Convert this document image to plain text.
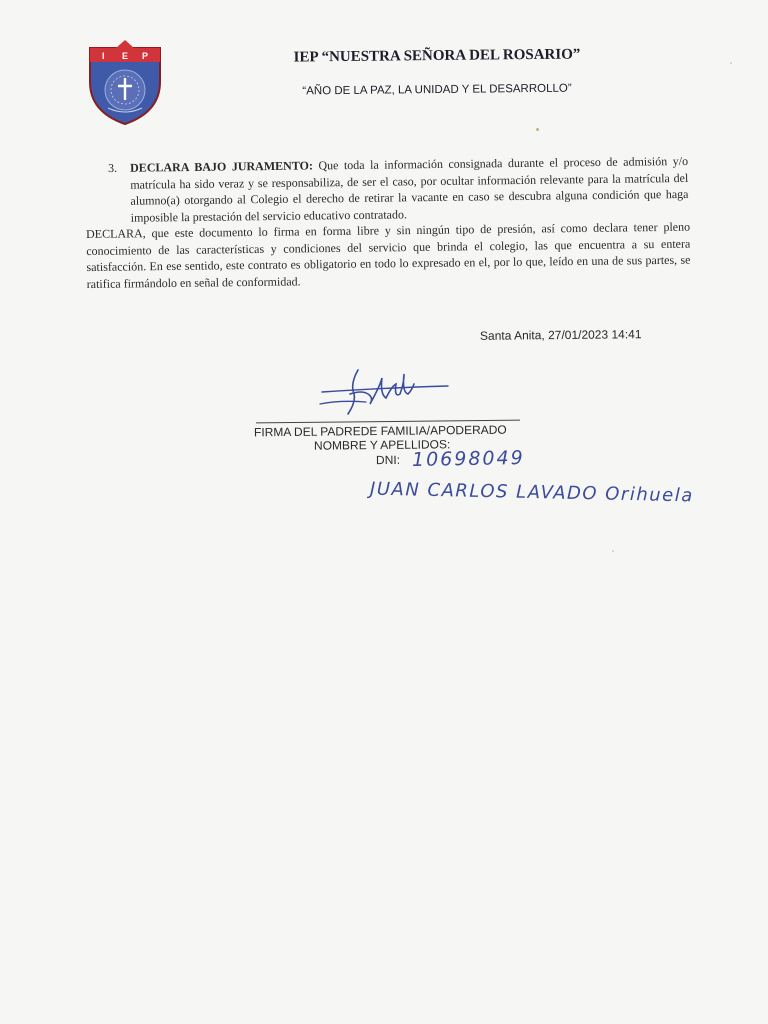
I E P	IEP “NUESTRA SEÑORA DEL ROSARIO”
“AÑO DE LA PAZ, LA UNIDAD Y EL DESARROLLO”
3. DECLARA BAJO JURAMENTO: Que toda la información consignada durante el proceso de admisión y/o matrícula ha sido veraz y se responsabiliza, de ser el caso, por ocultar información relevante para la matrícula del alumno(a) otorgando al Colegio el derecho de retirar la vacante en caso se descubra alguna condición que haga imposible la prestación del servicio educativo contratado.
DECLARA, que este documento lo firma en forma libre y sin ningún tipo de presión, así como declara tener pleno conocimiento de las características y condiciones del servicio que brinda el colegio, las que encuentra a su entera satisfacción. En ese sentido, este contrato es obligatorio en todo lo expresado en el, por lo que, leído en una de sus partes, se ratifica firmándolo en señal de conformidad.
Santa Anita, 27/01/2023 14:41
FIRMA DEL PADREDE FAMILIA/APODERADO
NOMBRE Y APELLIDOS:
DNI: 10698049
JUAN CARLOS LAVADO Orihuela
